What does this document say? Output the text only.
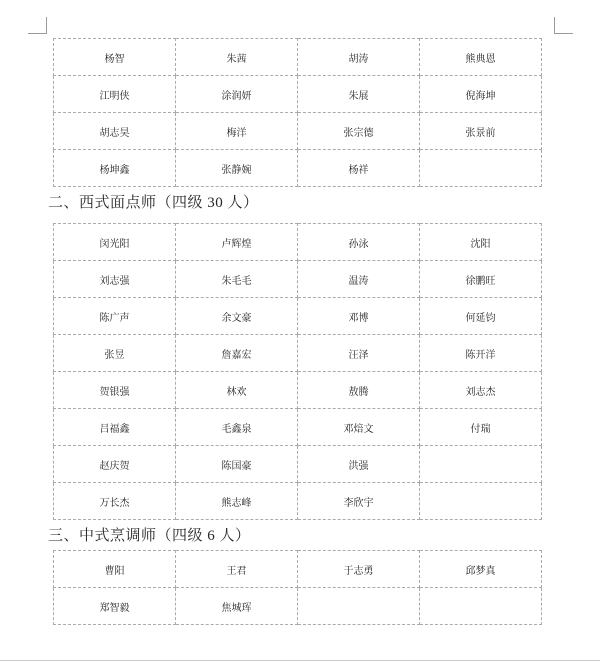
杨智	朱茜	胡涛	熊典恩
江明侠	涂润妍	朱展	倪海坤
胡志昊	梅洋	张宗德	张景前
杨坤鑫	张静婉	杨祥	
二、西式面点师（四级 30 人）
闵光阳	卢辉煌	孙泳	沈阳
刘志强	朱毛毛	温涛	徐鹏旺
陈广声	余文豪	邓博	何延钧
张昱	詹嘉宏	汪泽	陈开洋
贺银强	林欢	敖腾	刘志杰
吕福鑫	毛鑫泉	邓焙文	付瑞
赵庆贺	陈国豪	洪强	
万长杰	熊志峰	李欣宇	
三、中式烹调师（四级 6 人）
曹阳	王君	于志勇	邱梦真
郑智毅	焦城珲		
